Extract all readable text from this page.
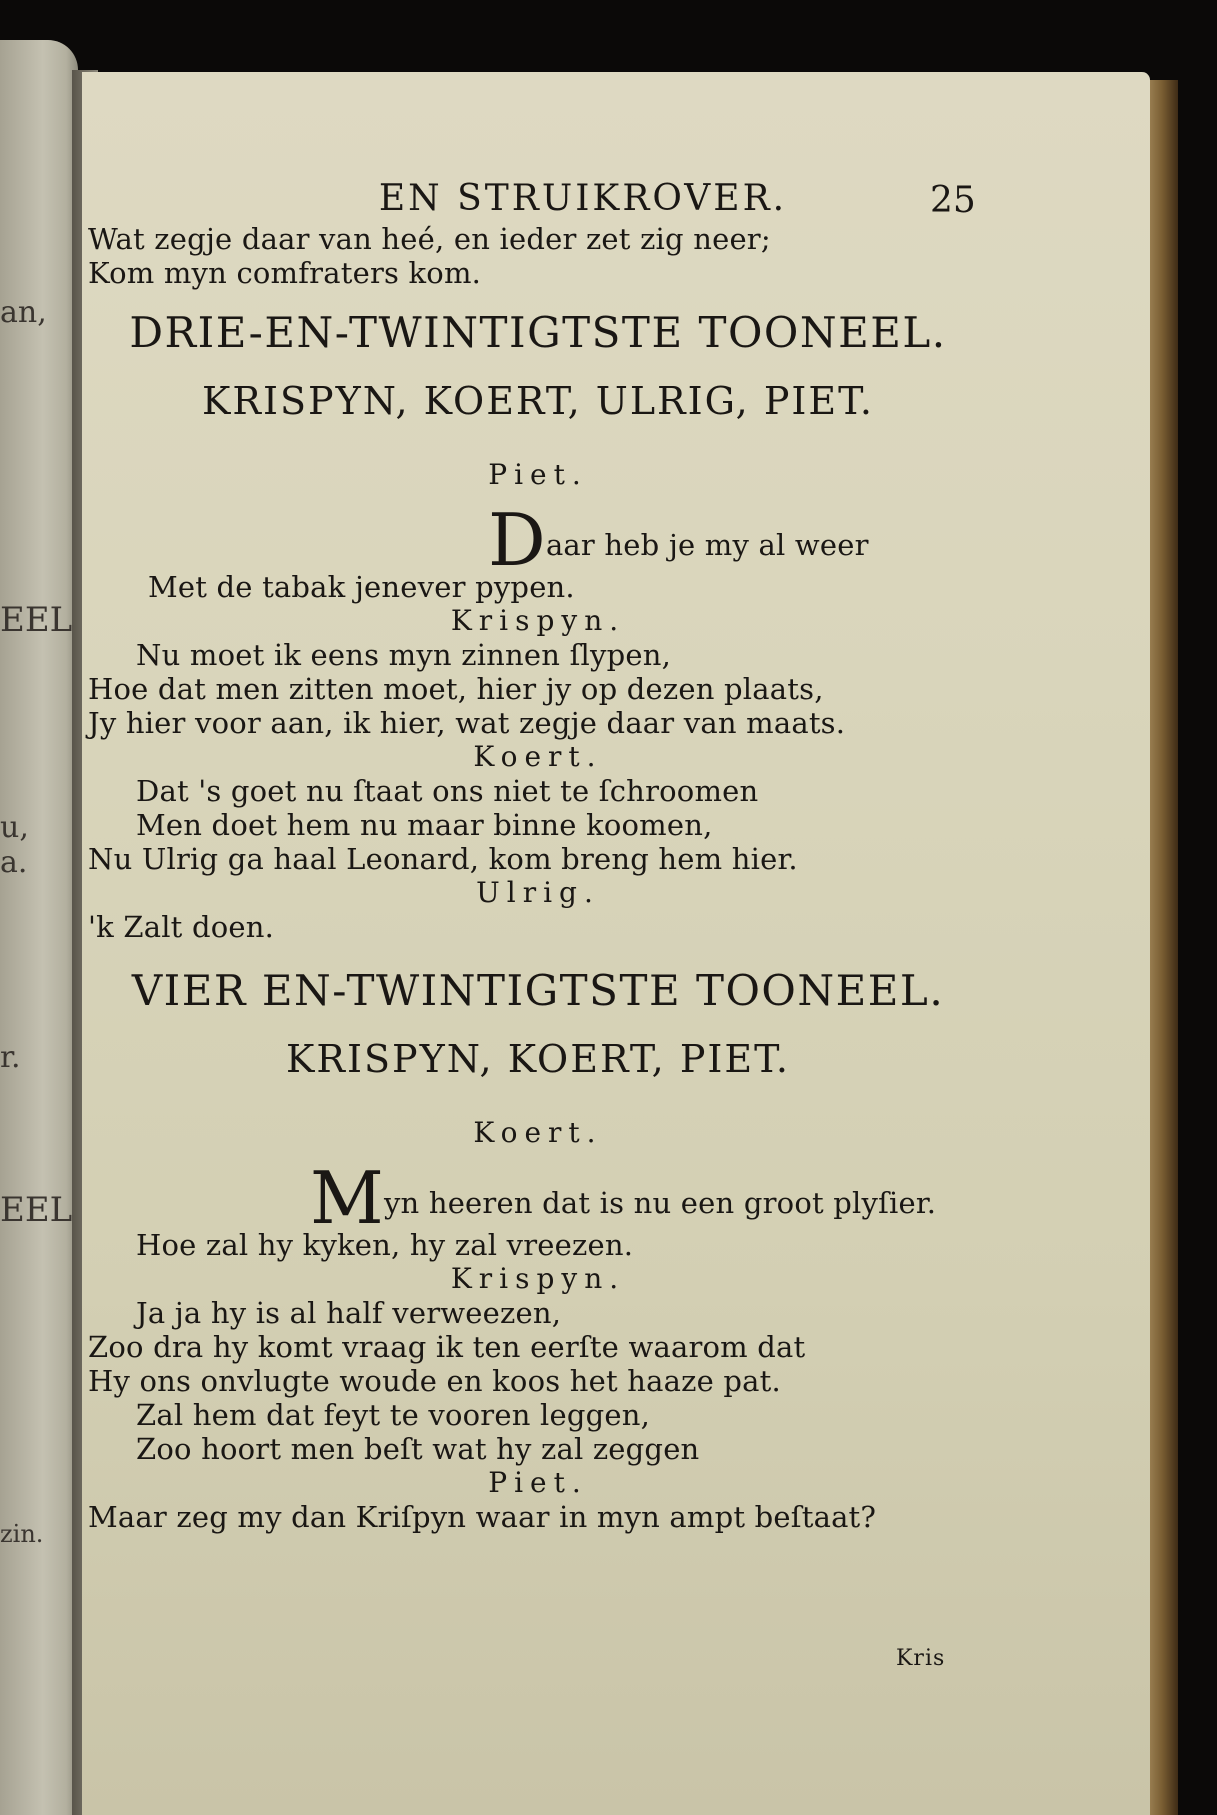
an,
EEL
u,
a.
r.
EEL
zin.
25
EN STRUIKROVER.
Wat zegje daar van heé, en ieder zet zig neer;
Kom myn comfraters kom.
DRIE-EN-TWINTIGTSTE TOONEEL.
KRISPYN, KOERT, ULRIG, PIET.
Piet.
Daar heb je my al weer
Met de tabak jenever pypen.
Krispyn.
Nu moet ik eens myn zinnen ſlypen,
Hoe dat men zitten moet, hier jy op dezen plaats,
Jy hier voor aan, ik hier, wat zegje daar van maats.
Koert.
Dat 's goet nu ſtaat ons niet te ſchroomen
Men doet hem nu maar binne koomen,
Nu Ulrig ga haal Leonard, kom breng hem hier.
Ulrig.
'k Zalt doen.
VIER EN-TWINTIGTSTE TOONEEL.
KRISPYN, KOERT, PIET.
Koert.
Myn heeren dat is nu een groot plyſier.
Hoe zal hy kyken, hy zal vreezen.
Krispyn.
Ja ja hy is al half verweezen,
Zoo dra hy komt vraag ik ten eerſte waarom dat
Hy ons onvlugte woude en koos het haaze pat.
Zal hem dat feyt te vooren leggen,
Zoo hoort men beſt wat hy zal zeggen
Piet.
Maar zeg my dan Kriſpyn waar in myn ampt beſtaat?
Kris
